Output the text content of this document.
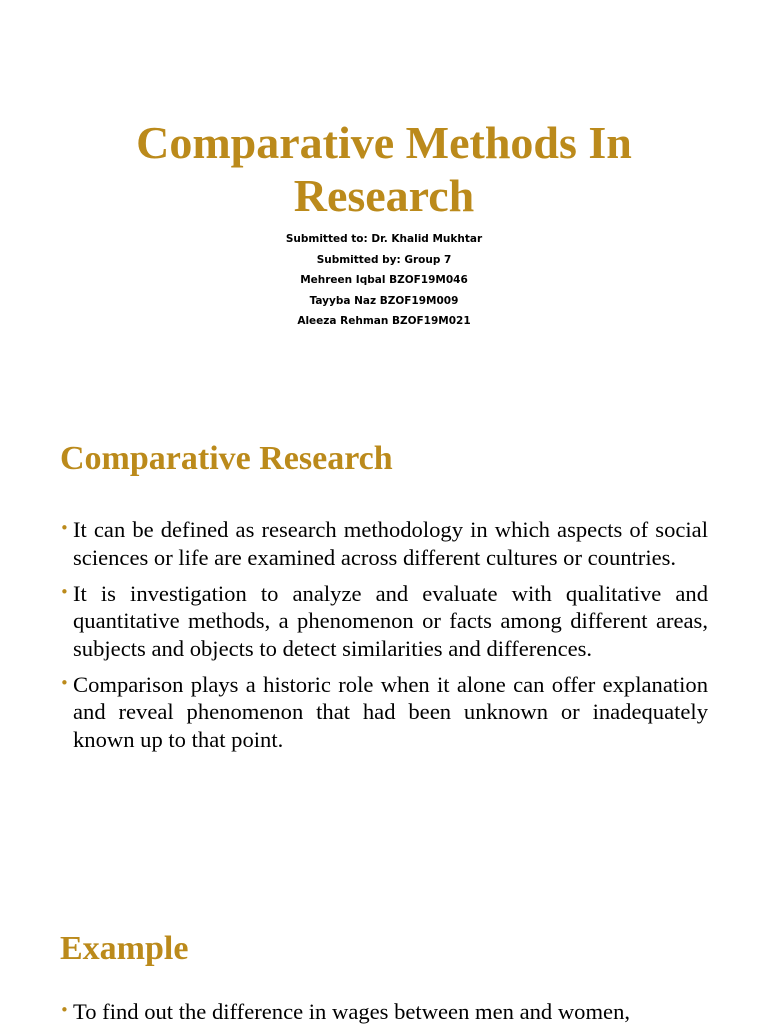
Comparative Methods In Research
Submitted to: Dr. Khalid Mukhtar
Submitted by: Group 7
Mehreen Iqbal BZOF19M046
Tayyba Naz BZOF19M009
Aleeza Rehman BZOF19M021
Comparative Research
• It can be defined as research methodology in which aspects of social sciences or life are examined across different cultures or countries.
• It is investigation to analyze and evaluate with qualitative and quantitative methods, a phenomenon or facts among different areas, subjects and objects to detect similarities and differences.
• Comparison plays a historic role when it alone can offer explanation and reveal phenomenon that had been unknown or inadequately known up to that point.
Example
• To find out the difference in wages between men and women,
